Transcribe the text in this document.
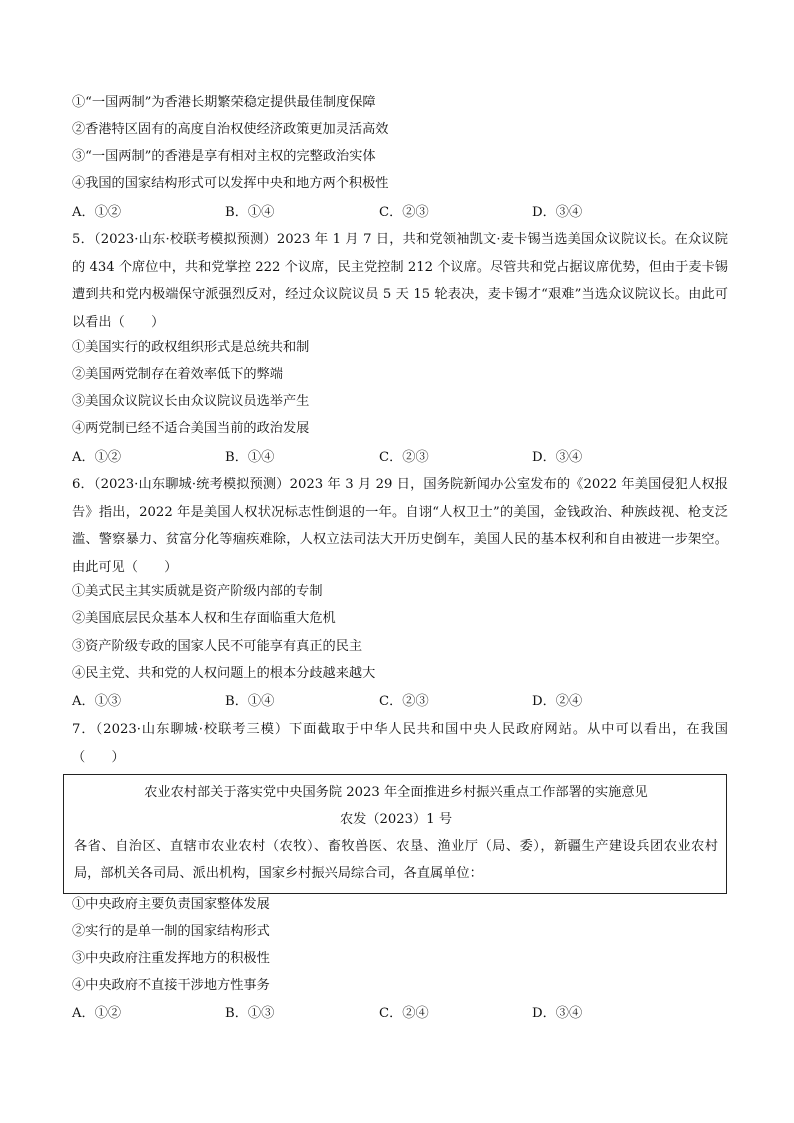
①“一国两制”为香港长期繁荣稳定提供最佳制度保障
②香港特区固有的高度自治权使经济政策更加灵活高效
③“一国两制”的香港是享有相对主权的完整政治实体
④我国的国家结构形式可以发挥中央和地方两个积极性
A．①②	B．①④	C．②③	D．③④
5．（2023·山东·校联考模拟预测）2023 年 1 月 7 日，共和党领袖凯文·麦卡锡当选美国众议院议长。在众议院的 434 个席位中，共和党掌控 222 个议席，民主党控制 212 个议席。尽管共和党占据议席优势，但由于麦卡锡遭到共和党内极端保守派强烈反对，经过众议院议员 5 天 15 轮表决，麦卡锡才“艰难”当选众议院议长。由此可以看出（　　）
①美国实行的政权组织形式是总统共和制
②美国两党制存在着效率低下的弊端
③美国众议院议长由众议院议员选举产生
④两党制已经不适合美国当前的政治发展
A．①②	B．①④	C．②③	D．③④
6．（2023·山东聊城·统考模拟预测）2023 年 3 月 29 日，国务院新闻办公室发布的《2022 年美国侵犯人权报告》指出，2022 年是美国人权状况标志性倒退的一年。自诩“人权卫士”的美国，金钱政治、种族歧视、枪支泛滥、警察暴力、贫富分化等痼疾难除，人权立法司法大开历史倒车，美国人民的基本权利和自由被进一步架空。由此可见（　　）
①美式民主其实质就是资产阶级内部的专制
②美国底层民众基本人权和生存面临重大危机
③资产阶级专政的国家人民不可能享有真正的民主
④民主党、共和党的人权问题上的根本分歧越来越大
A．①③	B．①④	C．②③	D．②④
7．（2023·山东聊城·校联考三模）下面截取于中华人民共和国中央人民政府网站。从中可以看出，在我国（　　）
农业农村部关于落实党中央国务院 2023 年全面推进乡村振兴重点工作部署的实施意见
农发（2023）1 号
各省、自治区、直辖市农业农村（农牧）、畜牧兽医、农垦、渔业厅（局、委），新疆生产建设兵团农业农村局，部机关各司局、派出机构，国家乡村振兴局综合司，各直属单位：
①中央政府主要负责国家整体发展
②实行的是单一制的国家结构形式
③中央政府注重发挥地方的积极性
④中央政府不直接干涉地方性事务
A．①②	B．①③	C．②④	D．③④
